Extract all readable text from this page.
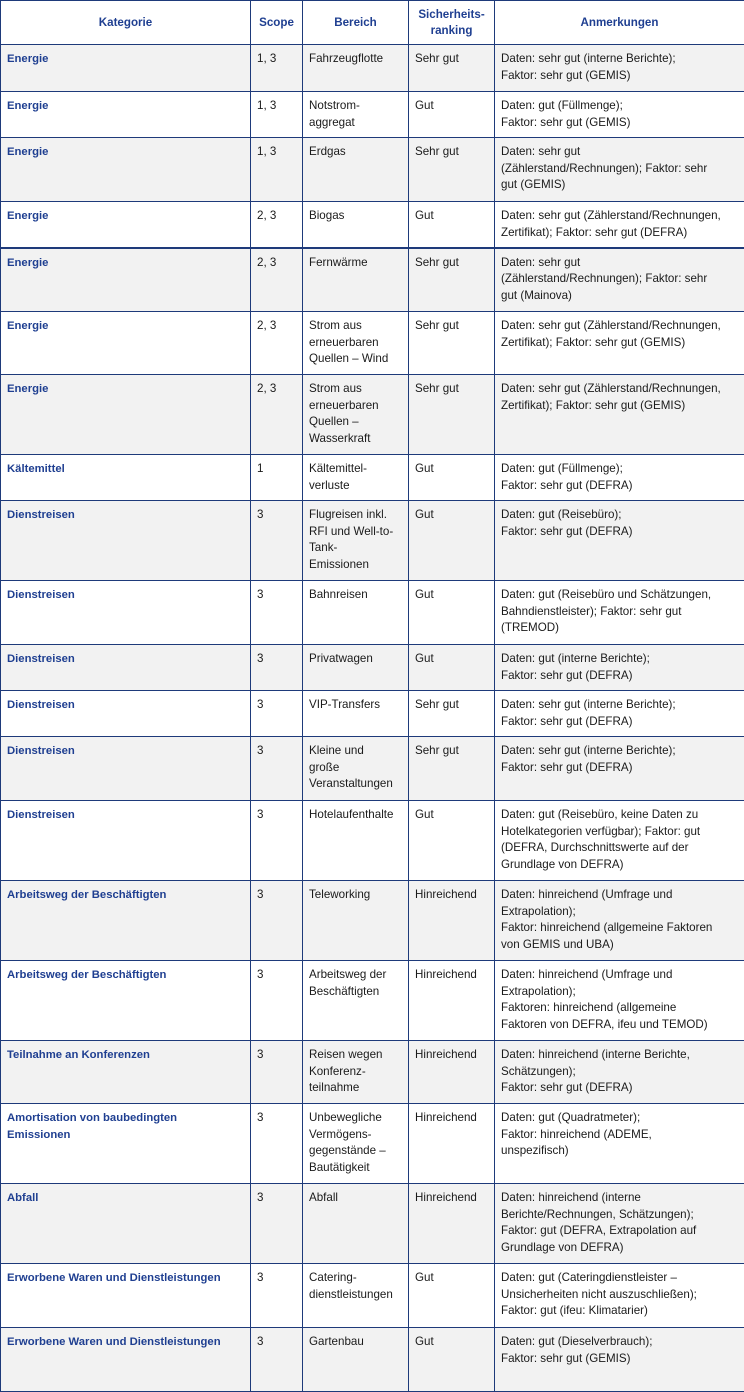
Kategorie	Scope	Bereich	Sicherheits-
ranking	Anmerkungen
Energie	1, 3	Fahrzeugflotte	Sehr gut	Daten: sehr gut (interne Berichte);
Faktor: sehr gut (GEMIS)
Energie	1, 3	Notstrom-
aggregat	Gut	Daten: gut (Füllmenge);
Faktor: sehr gut (GEMIS)
Energie	1, 3	Erdgas	Sehr gut	Daten: sehr gut
(Zählerstand/Rechnungen); Faktor: sehr
gut (GEMIS)
Energie	2, 3	Biogas	Gut	Daten: sehr gut (Zählerstand/Rechnungen,
Zertifikat); Faktor: sehr gut (DEFRA)
Energie	2, 3	Fernwärme	Sehr gut	Daten: sehr gut
(Zählerstand/Rechnungen); Faktor: sehr
gut (Mainova)
Energie	2, 3	Strom aus
erneuerbaren
Quellen – Wind	Sehr gut	Daten: sehr gut (Zählerstand/Rechnungen,
Zertifikat); Faktor: sehr gut (GEMIS)
Energie	2, 3	Strom aus
erneuerbaren
Quellen –
Wasserkraft	Sehr gut	Daten: sehr gut (Zählerstand/Rechnungen,
Zertifikat); Faktor: sehr gut (GEMIS)
Kältemittel	1	Kältemittel-
verluste	Gut	Daten: gut (Füllmenge);
Faktor: sehr gut (DEFRA)
Dienstreisen	3	Flugreisen inkl.
RFI und Well-to-
Tank-
Emissionen	Gut	Daten: gut (Reisebüro);
Faktor: sehr gut (DEFRA)
Dienstreisen	3	Bahnreisen	Gut	Daten: gut (Reisebüro und Schätzungen,
Bahndienstleister); Faktor: sehr gut
(TREMOD)
Dienstreisen	3	Privatwagen	Gut	Daten: gut (interne Berichte);
Faktor: sehr gut (DEFRA)
Dienstreisen	3	VIP-Transfers	Sehr gut	Daten: sehr gut (interne Berichte);
Faktor: sehr gut (DEFRA)
Dienstreisen	3	Kleine und
große
Veranstaltungen	Sehr gut	Daten: sehr gut (interne Berichte);
Faktor: sehr gut (DEFRA)
Dienstreisen	3	Hotelaufenthalte	Gut	Daten: gut (Reisebüro, keine Daten zu
Hotelkategorien verfügbar); Faktor: gut
(DEFRA, Durchschnittswerte auf der
Grundlage von DEFRA)
Arbeitsweg der Beschäftigten	3	Teleworking	Hinreichend	Daten: hinreichend (Umfrage und
Extrapolation);
Faktor: hinreichend (allgemeine Faktoren
von GEMIS und UBA)
Arbeitsweg der Beschäftigten	3	Arbeitsweg der
Beschäftigten	Hinreichend	Daten: hinreichend (Umfrage und
Extrapolation);
Faktoren: hinreichend (allgemeine
Faktoren von DEFRA, ifeu und TEMOD)
Teilnahme an Konferenzen	3	Reisen wegen
Konferenz-
teilnahme	Hinreichend	Daten: hinreichend (interne Berichte,
Schätzungen);
Faktor: sehr gut (DEFRA)
Amortisation von baubedingten
Emissionen	3	Unbewegliche
Vermögens-
gegenstände –
Bautätigkeit	Hinreichend	Daten: gut (Quadratmeter);
Faktor: hinreichend (ADEME,
unspezifisch)
Abfall	3	Abfall	Hinreichend	Daten: hinreichend (interne
Berichte/Rechnungen, Schätzungen);
Faktor: gut (DEFRA, Extrapolation auf
Grundlage von DEFRA)
Erworbene Waren und Dienstleistungen	3	Catering-
dienstleistungen	Gut	Daten: gut (Cateringdienstleister –
Unsicherheiten nicht auszuschließen);
Faktor: gut (ifeu: Klimatarier)
Erworbene Waren und Dienstleistungen	3	Gartenbau	Gut	Daten: gut (Dieselverbrauch);
Faktor: sehr gut (GEMIS)
